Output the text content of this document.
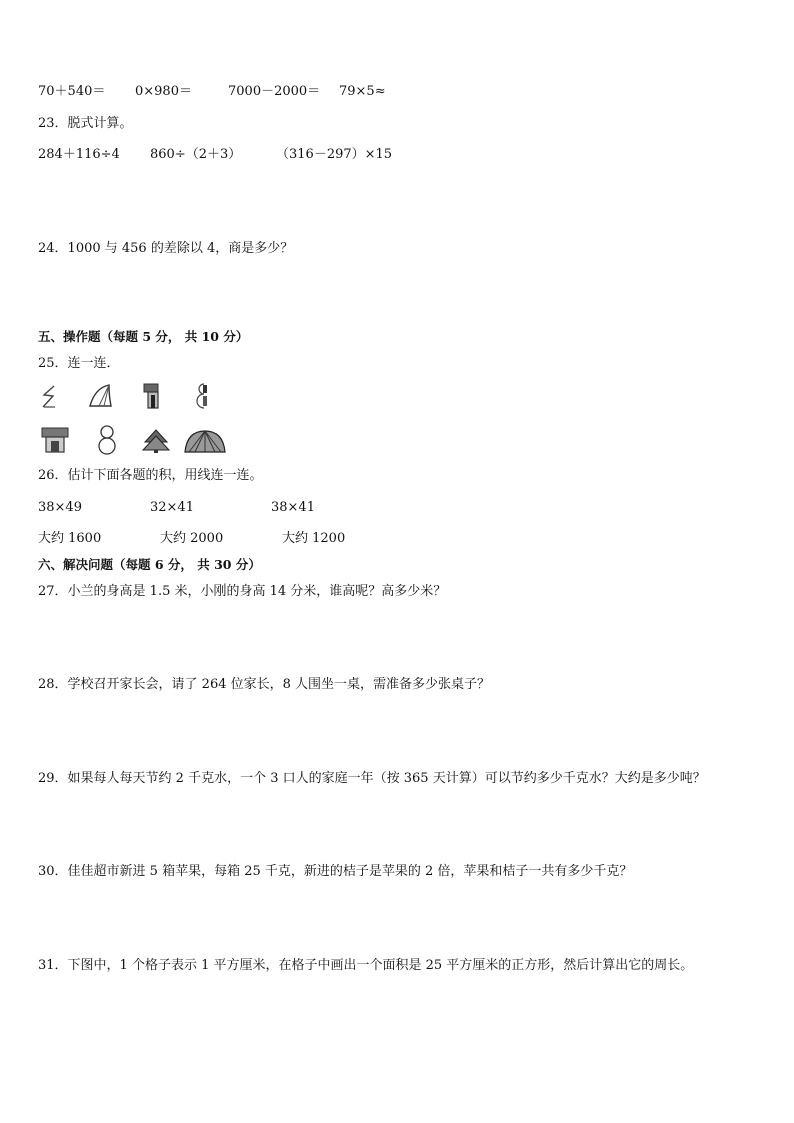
70＋540＝ 0×980＝	7000－2000＝ 79×5≈
23．脱式计算。
284＋116÷4 860÷（2＋3）	（316－297）×15
24．1000 与 456 的差除以 4，商是多少？
五、操作题（每题 5 分， 共 10 分）
25．连一连．
26．估计下面各题的积，用线连一连。
38×49	32×41	38×41
大约 1600	大约 2000	大约 1200
六、解决问题（每题 6 分， 共 30 分）
27．小兰的身高是 1.5 米，小刚的身高 14 分米，谁高呢？高多少米？
28．学校召开家长会，请了 264 位家长，8 人围坐一桌，需准备多少张桌子？
29．如果每人每天节约 2 千克水，一个 3 口人的家庭一年（按 365 天计算）可以节约多少千克水？大约是多少吨？
30．佳佳超市新进 5 箱苹果，每箱 25 千克，新进的桔子是苹果的 2 倍，苹果和桔子一共有多少千克？
31．下图中，1 个格子表示 1 平方厘米，在格子中画出一个面积是 25 平方厘米的正方形，然后计算出它的周长。
